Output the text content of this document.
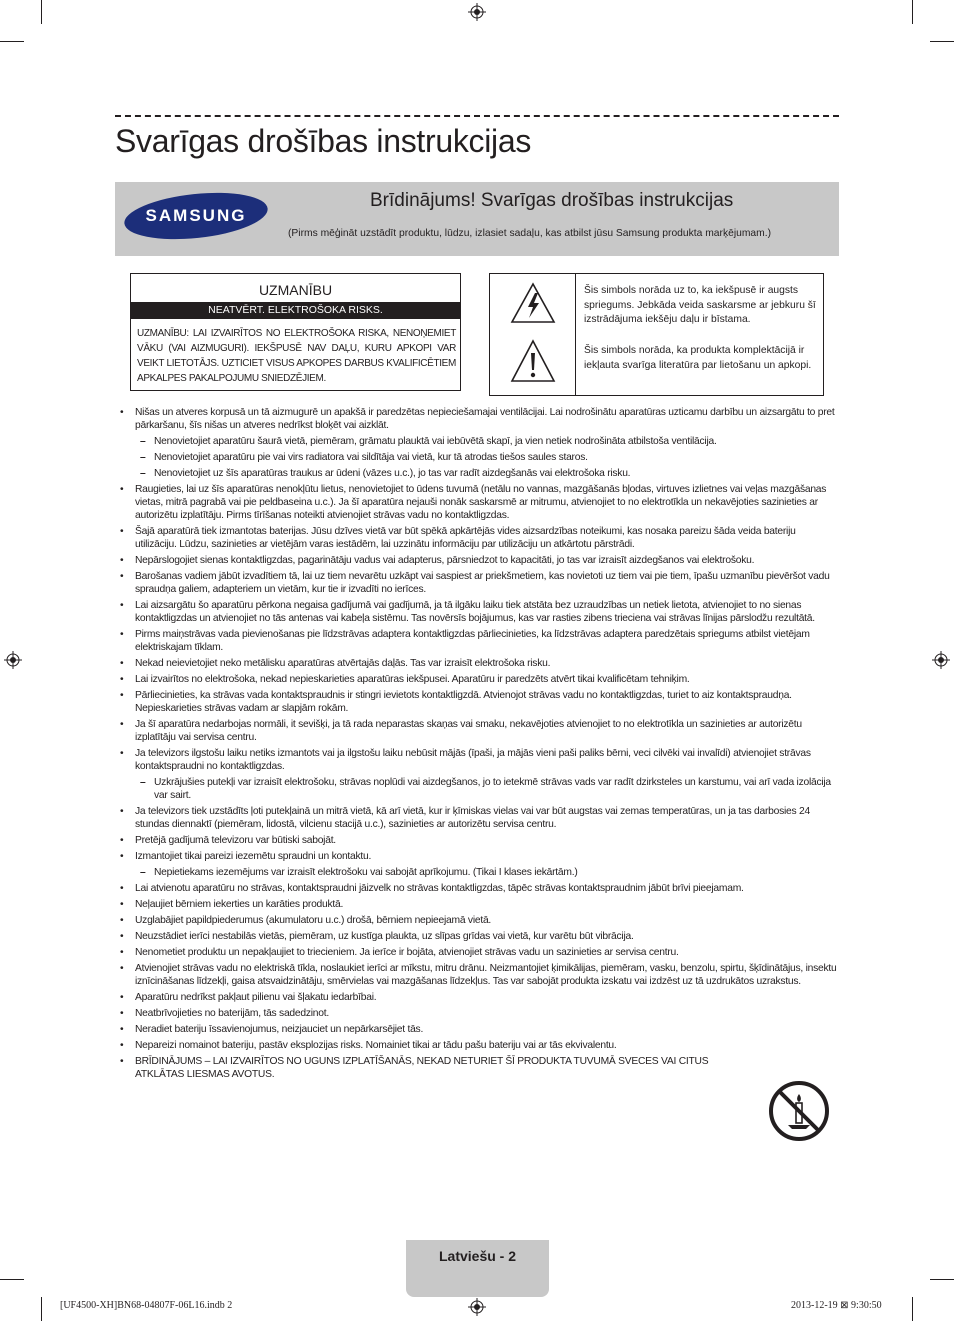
Svarīgas drošības instrukcijas
SAMSUNG
Brīdinājums! Svarīgas drošības instrukcijas
(Pirms mēģināt uzstādīt produktu, lūdzu, izlasiet sadaļu, kas atbilst jūsu Samsung produkta marķējumam.)
UZMANĪBU
NEATVĒRT. ELEKTROŠOKA RISKS.
UZMANĪBU: LAI IZVAIRĪTOS NO ELEKTROŠOKA RISKA, NENOŅEMIET VĀKU (VAI AIZMUGURI). IEKŠPUSĒ NAV DAĻU, KURU APKOPI VAR VEIKT LIETOTĀJS. UZTICIET VISUS APKOPES DARBUS KVALIFICĒTIEM APKALPES PAKALPOJUMU SNIEDZĒJIEM.
Šis simbols norāda uz to, ka iekšpusē ir augsts spriegums. Jebkāda veida saskarsme ar jebkuru šī izstrādājuma iekšēju daļu ir bīstama.
Šis simbols norāda, ka produkta komplektācijā ir iekļauta svarīga literatūra par lietošanu un apkopi.
• Nišas un atveres korpusā un tā aizmugurē un apakšā ir paredzētas nepieciešamajai ventilācijai. Lai nodrošinātu aparatūras uzticamu darbību un aizsargātu to pret pārkaršanu, šīs nišas un atveres nedrīkst bloķēt vai aizklāt.
– Nenovietojiet aparatūru šaurā vietā, piemēram, grāmatu plauktā vai iebūvētā skapī, ja vien netiek nodrošināta atbilstoša ventilācija.
– Nenovietojiet aparatūru pie vai virs radiatora vai sildītāja vai vietā, kur tā atrodas tiešos saules staros.
– Nenovietojiet uz šīs aparatūras traukus ar ūdeni (vāzes u.c.), jo tas var radīt aizdegšanās vai elektrošoka risku.
• Raugieties, lai uz šīs aparatūras nenokļūtu lietus, nenovietojiet to ūdens tuvumā (netālu no vannas, mazgāšanās bļodas, virtuves izlietnes vai veļas mazgāšanas vietas, mitrā pagrabā vai pie peldbaseina u.c.). Ja šī aparatūra nejauši nonāk saskarsmē ar mitrumu, atvienojiet to no elektrotīkla un nekavējoties sazinieties ar autorizētu izplatītāju. Pirms tīrīšanas noteikti atvienojiet strāvas vadu no kontaktligzdas.
• Šajā aparatūrā tiek izmantotas baterijas. Jūsu dzīves vietā var būt spēkā apkārtējās vides aizsardzības noteikumi, kas nosaka pareizu šāda veida bateriju utilizāciju. Lūdzu, sazinieties ar vietējām varas iestādēm, lai uzzinātu informāciju par utilizāciju un atkārtotu pārstrādi.
• Nepārslogojiet sienas kontaktligzdas, pagarinātāju vadus vai adapterus, pārsniedzot to kapacitāti, jo tas var izraisīt aizdegšanos vai elektrošoku.
• Barošanas vadiem jābūt izvadītiem tā, lai uz tiem nevarētu uzkāpt vai saspiest ar priekšmetiem, kas novietoti uz tiem vai pie tiem, īpašu uzmanību pievēršot vadu spraudņa galiem, adapteriem un vietām, kur tie ir izvadīti no ierīces.
• Lai aizsargātu šo aparatūru pērkona negaisa gadījumā vai gadījumā, ja tā ilgāku laiku tiek atstāta bez uzraudzības un netiek lietota, atvienojiet to no sienas kontaktligzdas un atvienojiet no tās antenas vai kabeļa sistēmu. Tas novērsīs bojājumus, kas var rasties zibens trieciena vai strāvas līnijas pārslodžu rezultātā.
• Pirms maiņstrāvas vada pievienošanas pie līdzstrāvas adaptera kontaktligzdas pārliecinieties, ka līdzstrāvas adaptera paredzētais spriegums atbilst vietējam elektriskajam tīklam.
• Nekad neievietojiet neko metālisku aparatūras atvērtajās daļās. Tas var izraisīt elektrošoka risku.
• Lai izvairītos no elektrošoka, nekad nepieskarieties aparatūras iekšpusei. Aparatūru ir paredzēts atvērt tikai kvalificētam tehniķim.
• Pārliecinieties, ka strāvas vada kontaktspraudnis ir stingri ievietots kontaktligzdā. Atvienojot strāvas vadu no kontaktligzdas, turiet to aiz kontaktspraudņa. Nepieskarieties strāvas vadam ar slapjām rokām.
• Ja šī aparatūra nedarbojas normāli, it sevišķi, ja tā rada neparastas skaņas vai smaku, nekavējoties atvienojiet to no elektrotīkla un sazinieties ar autorizētu izplatītāju vai servisa centru.
• Ja televizors ilgstošu laiku netiks izmantots vai ja ilgstošu laiku nebūsit mājās (īpaši, ja mājās vieni paši paliks bērni, veci cilvēki vai invalīdi) atvienojiet strāvas kontaktspraudni no kontaktligzdas.
– Uzkrājušies putekļi var izraisīt elektrošoku, strāvas noplūdi vai aizdegšanos, jo to ietekmē strāvas vads var radīt dzirksteles un karstumu, vai arī vada izolācija var sairt.
• Ja televizors tiek uzstādīts ļoti putekļainā un mitrā vietā, kā arī vietā, kur ir ķīmiskas vielas vai var būt augstas vai zemas temperatūras, un ja tas darbosies 24 stundas diennaktī (piemēram, lidostā, vilcienu stacijā u.c.), sazinieties ar autorizētu servisa centru.
• Pretējā gadījumā televizoru var būtiski sabojāt.
• Izmantojiet tikai pareizi iezemētu spraudni un kontaktu.
– Nepietiekams iezemējums var izraisīt elektrošoku vai sabojāt aprīkojumu. (Tikai I klases iekārtām.)
• Lai atvienotu aparatūru no strāvas, kontaktspraudni jāizvelk no strāvas kontaktligzdas, tāpēc strāvas kontaktspraudnim jābūt brīvi pieejamam.
• Neļaujiet bērniem iekerties un karāties produktā.
• Uzglabājiet papildpiederumus (akumulatoru u.c.) drošā, bērniem nepieejamā vietā.
• Neuzstādiet ierīci nestabilās vietās, piemēram, uz kustīga plaukta, uz slīpas grīdas vai vietā, kur varētu būt vibrācija.
• Nenometiet produktu un nepakļaujiet to triecieniem. Ja ierīce ir bojāta, atvienojiet strāvas vadu un sazinieties ar servisa centru.
• Atvienojiet strāvas vadu no elektriskā tīkla, noslaukiet ierīci ar mīkstu, mitru drānu. Neizmantojiet ķimikālijas, piemēram, vasku, benzolu, spirtu, šķīdinātājus, insektu iznīcināšanas līdzekļi, gaisa atsvaidzinātāju, smērvielas vai mazgāšanas līdzekļus. Tas var sabojāt produkta izskatu vai izdzēst uz tā uzdrukātos uzrakstus.
• Aparatūru nedrīkst pakļaut pilienu vai šļakatu iedarbībai.
• Neatbrīvojieties no baterijām, tās sadedzinot.
• Neradiet bateriju īssavienojumus, neizjauciet un nepārkarsējiet tās.
• Nepareizi nomainot bateriju, pastāv eksplozijas risks. Nomainiet tikai ar tādu pašu bateriju vai ar tās ekvivalentu.
• BRĪDINĀJUMS – LAI IZVAIRĪTOS NO UGUNS IZPLATĪŠANĀS, NEKAD NETURIET ŠĪ PRODUKTA TUVUMĀ SVECES VAI CITUS ATKLĀTAS LIESMAS AVOTUS.
Latviešu - 2
[UF4500-XH]BN68-04807F-06L16.indb 2	2013-12-19 ⊠ 9:30:50
